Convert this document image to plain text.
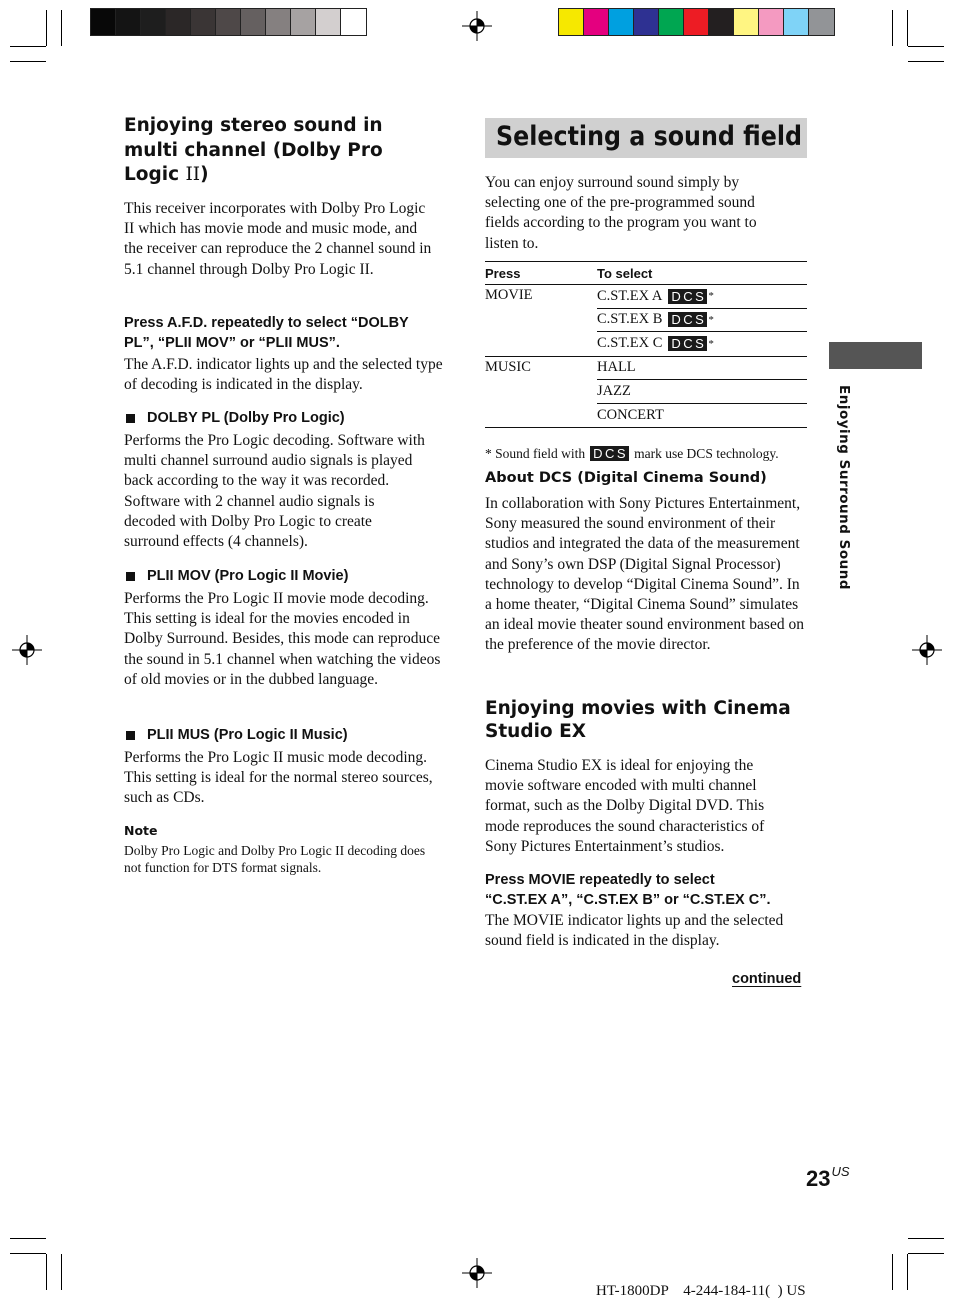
Enjoying stereo sound in

multi channel (Dolby Pro

Logic II)

This receiver incorporates with Dolby Pro Logic II which has movie mode and music mode, and the receiver can reproduce the 2 channel sound in 5.1 channel through Dolby Pro Logic II.

Press A.F.D. repeatedly to select “DOLBY

PL”, “PLII MOV” or “PLII MUS”.

The A.F.D. indicator lights up and the selected type of decoding is indicated in the display.

DOLBY PL (Dolby Pro Logic)

Performs the Pro Logic decoding. Software with multi channel surround audio signals is played back according to the way it was recorded. Software with 2 channel audio signals is decoded with Dolby Pro Logic to create surround effects (4 channels).

PLII MOV (Pro Logic II Movie)

Performs the Pro Logic II movie mode decoding. This setting is ideal for the movies encoded in Dolby Surround. Besides, this mode can reproduce the sound in 5.1 channel when watching the videos of old movies or in the dubbed language.

PLII MUS (Pro Logic II Music)

Performs the Pro Logic II music mode decoding. This setting is ideal for the normal stereo sources, such as CDs.

Note

Dolby Pro Logic and Dolby Pro Logic II decoding does not function for DTS format signals.

Selecting a sound field

You can enjoy surround sound simply by selecting one of the pre-programmed sound fields according to the program you want to listen to.

Press	To select
MOVIE	C.ST.EX A DCS *
C.ST.EX B DCS *
C.ST.EX C DCS *
MUSIC	HALL
JAZZ
CONCERT

* Sound field with DCS mark use DCS technology.

About DCS (Digital Cinema Sound)

In collaboration with Sony Pictures Entertainment, Sony measured the sound environment of their studios and integrated the data of the measurement and Sony’s own DSP (Digital Signal Processor) technology to develop “Digital Cinema Sound”. In a home theater, “Digital Cinema Sound” simulates an ideal movie theater sound environment based on the preference of the movie director.

Enjoying movies with Cinema

Studio EX

Cinema Studio EX is ideal for enjoying the movie software encoded with multi channel format, such as the Dolby Digital DVD. This mode reproduces the sound characteristics of Sony Pictures Entertainment’s studios.

Press MOVIE repeatedly to select

“C.ST.EX A”, “C.ST.EX B” or “C.ST.EX C”.

The MOVIE indicator lights up and the selected sound field is indicated in the display.

continued

Enjoying Surround Sound
$23^{US}$
HT-1800DP    4-244-184-11(  ) US
